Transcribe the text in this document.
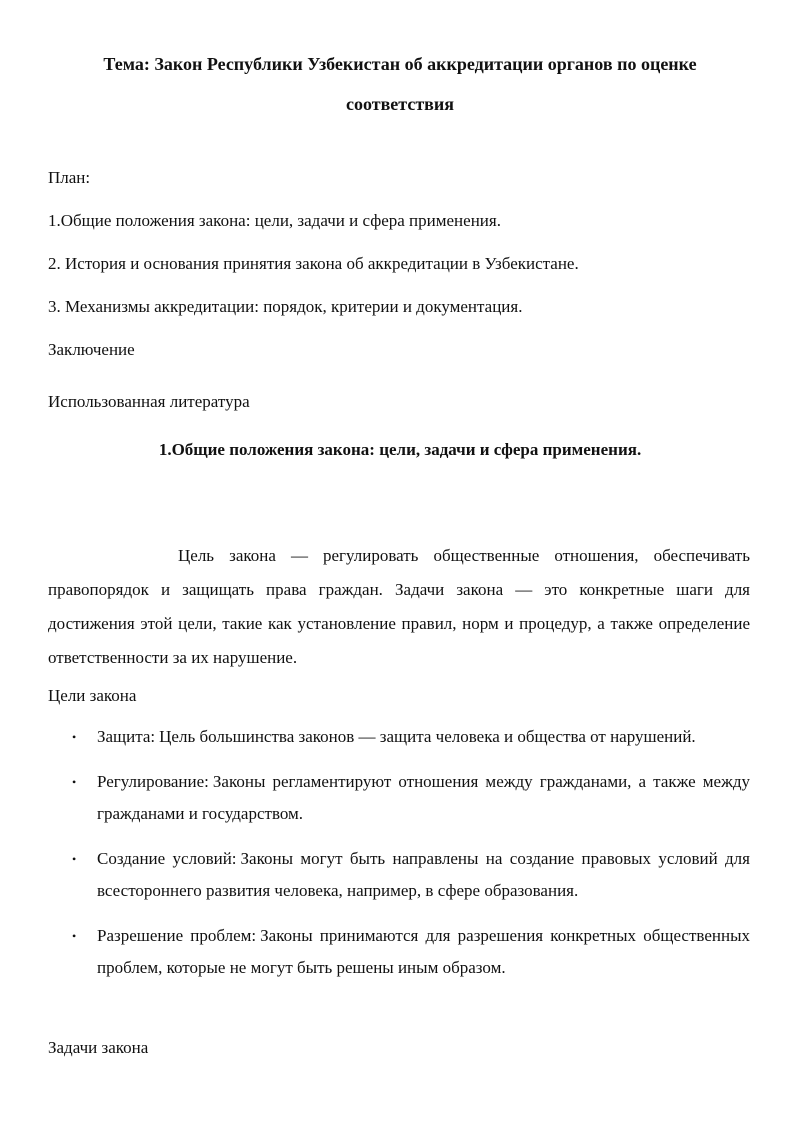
Тема: Закон Республики Узбекистан об аккредитации органов по оценке соответствия
План:
1.Общие положения закона: цели, задачи и сфера применения.
2. История и основания принятия закона об аккредитации в Узбекистане.
3. Механизмы аккредитации: порядок, критерии и документация.
Заключение
Использованная литература
1.Общие положения закона: цели, задачи и сфера применения.
Цель закона — регулировать общественные отношения, обеспечивать правопорядок и защищать права граждан. Задачи закона — это конкретные шаги для достижения этой цели, такие как установление правил, норм и процедур, а также определение ответственности за их нарушение.
Цели закона
• Защита: Цель большинства законов — защита человека и общества от нарушений.
• Регулирование: Законы регламентируют отношения между гражданами, а также между гражданами и государством.
• Создание условий: Законы могут быть направлены на создание правовых условий для всестороннего развития человека, например, в сфере образования.
• Разрешение проблем: Законы принимаются для разрешения конкретных общественных проблем, которые не могут быть решены иным образом.
Задачи закона
